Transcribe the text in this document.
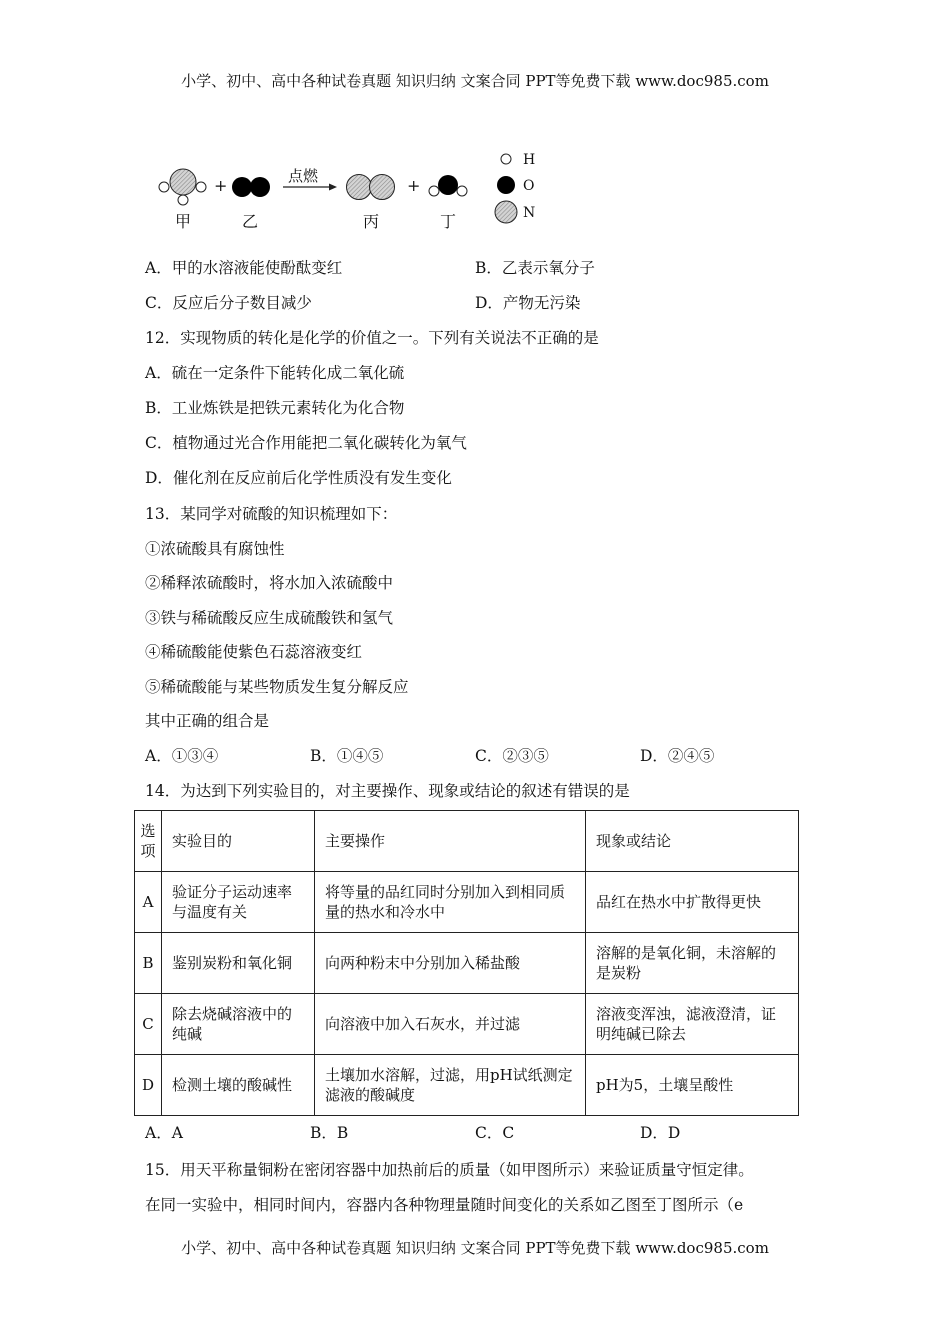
小学、初中、高中各种试卷真题 知识归纳 文案合同 PPT等免费下载 www.doc985.com
+	点燃	+
甲	乙	丙	丁
H
O
N
A．甲的水溶液能使酚酞变红	B．乙表示氧分子
C．反应后分子数目减少	D．产物无污染
12．实现物质的转化是化学的价值之一。下列有关说法不正确的是
A．硫在一定条件下能转化成二氧化硫
B．工业炼铁是把铁元素转化为化合物
C．植物通过光合作用能把二氧化碳转化为氧气
D．催化剂在反应前后化学性质没有发生变化
13．某同学对硫酸的知识梳理如下：
①浓硫酸具有腐蚀性
②稀释浓硫酸时，将水加入浓硫酸中
③铁与稀硫酸反应生成硫酸铁和氢气
④稀硫酸能使紫色石蕊溶液变红
⑤稀硫酸能与某些物质发生复分解反应
其中正确的组合是
A．①③④	B．①④⑤	C．②③⑤	D．②④⑤
14．为达到下列实验目的，对主要操作、现象或结论的叙述有错误的是
选项	实验目的	主要操作	现象或结论
A	验证分子运动速率与温度有关	将等量的品红同时分别加入到相同质量的热水和冷水中	品红在热水中扩散得更快
B	鉴别炭粉和氧化铜	向两种粉末中分别加入稀盐酸	溶解的是氧化铜，未溶解的是炭粉
C	除去烧碱溶液中的纯碱	向溶液中加入石灰水，并过滤	溶液变浑浊，滤液澄清，证明纯碱已除去
D	检测土壤的酸碱性	土壤加水溶解，过滤，用pH试纸测定滤液的酸碱度	pH为5，土壤呈酸性
A．A	B．B	C．C	D．D
15．用天平称量铜粉在密闭容器中加热前后的质量（如甲图所示）来验证质量守恒定律。
在同一实验中，相同时间内，容器内各种物理量随时间变化的关系如乙图至丁图所示（e
小学、初中、高中各种试卷真题 知识归纳 文案合同 PPT等免费下载 www.doc985.com
